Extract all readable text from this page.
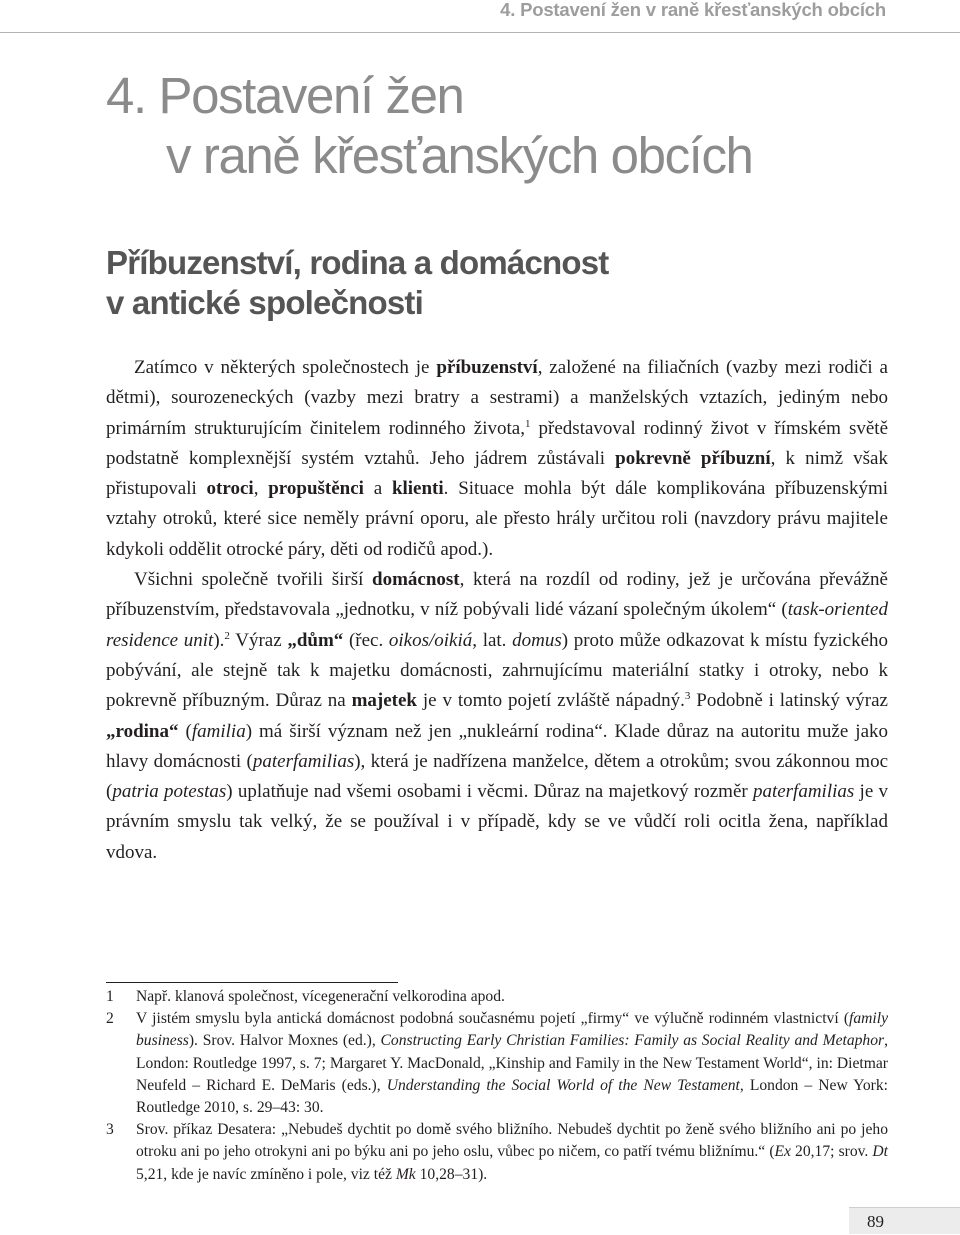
4. Postavení žen v raně křesťanských obcích
4. Postavení žen
v raně křesťanských obcích
Příbuzenství, rodina a domácnost
v antické společnosti

Zatímco v některých společnostech je příbuzenství, založené na filiačních (vazby mezi rodiči a dětmi), sourozeneckých (vazby mezi bratry a sestrami) a manželských vztazích, jediným nebo primárním strukturujícím činitelem rodinného života,$^1$ představoval rodinný život v římském světě podstatně komplexnější systém vztahů. Jeho jádrem zůstávali pokrevně příbuzní, k nimž však přistupovali otroci, propuštěnci a klienti. Situace mohla být dále komplikována příbuzenskými vztahy otroků, které sice neměly právní oporu, ale přesto hrály určitou roli (navzdory právu majitele kdykoli oddělit otrocké páry, děti od rodičů apod.).

Všichni společně tvořili širší domácnost, která na rozdíl od rodiny, jež je určována převážně příbuzenstvím, představovala „jednotku, v níž pobývali lidé vázaní společným úkolem“ (task-oriented residence unit).$^2$ Výraz „dům“ (řec. oikos/oikiá, lat. domus) proto může odkazovat k místu fyzického pobývání, ale stejně tak k majetku domácnosti, zahrnujícímu materiální statky i otroky, nebo k pokrevně příbuzným. Důraz na majetek je v tomto pojetí zvláště nápadný.$^3$ Podobně i latinský výraz „rodina“ (familia) má širší význam než jen „nukleární rodina“. Klade důraz na autoritu muže jako hlavy domácnosti (paterfamilias), která je nadřízena manželce, dětem a otrokům; svou zákonnou moc (patria potestas) uplatňuje nad všemi osobami i věcmi. Důraz na majetkový rozměr paterfamilias je v právním smyslu tak velký, že se používal i v případě, kdy se ve vůdčí roli ocitla žena, například vdova.

1 Např. klanová společnost, vícegenerační velkorodina apod.
2 V jistém smyslu byla antická domácnost podobná současnému pojetí „firmy“ ve výlučně rodinném vlastnictví (family business). Srov. Halvor Moxnes (ed.), Constructing Early Christian Families: Family as Social Reality and Metaphor, London: Routledge 1997, s. 7; Margaret Y. MacDonald, „Kinship and Family in the New Testament World“, in: Dietmar Neufeld – Richard E. DeMaris (eds.), Understanding the Social World of the New Testament, London – New York: Routledge 2010, s. 29–43: 30.
3 Srov. příkaz Desatera: „Nebudeš dychtit po domě svého bližního. Nebudeš dychtit po ženě svého bližního ani po jeho otroku ani po jeho otrokyni ani po býku ani po jeho oslu, vůbec po ničem, co patří tvému bližnímu.“ (Ex 20,17; srov. Dt 5,21, kde je navíc zmíněno i pole, viz též Mk 10,28–31).
89
